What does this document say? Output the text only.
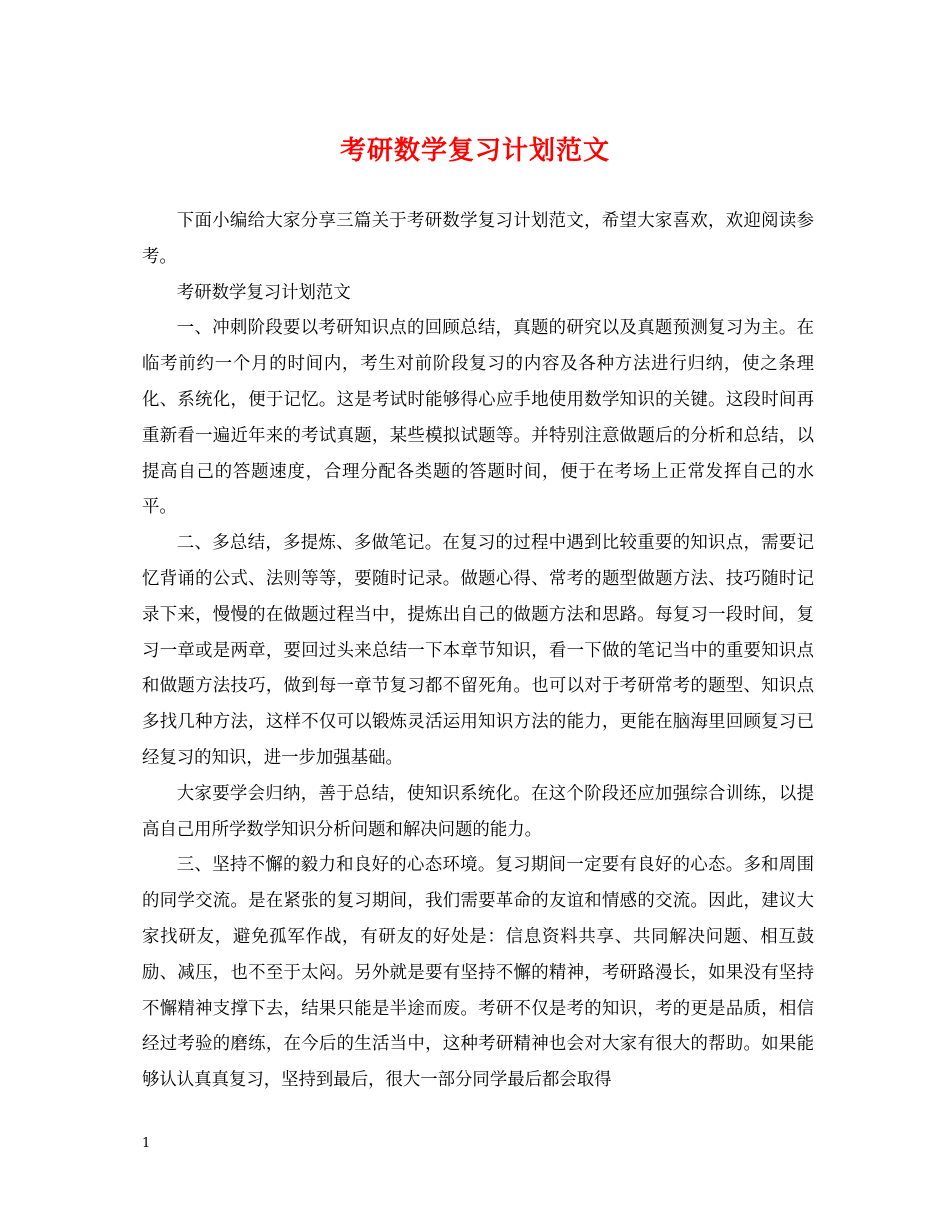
考研数学复习计划范文

下面小编给大家分享三篇关于考研数学复习计划范文，希望大家喜欢，欢迎阅读参考。

考研数学复习计划范文

一、冲刺阶段要以考研知识点的回顾总结，真题的研究以及真题预测复习为主。在临考前约一个月的时间内，考生对前阶段复习的内容及各种方法进行归纳，使之条理化、系统化，便于记忆。这是考试时能够得心应手地使用数学知识的关键。这段时间再重新看一遍近年来的考试真题，某些模拟试题等。并特别注意做题后的分析和总结，以提高自己的答题速度，合理分配各类题的答题时间，便于在考场上正常发挥自己的水平。

二、多总结，多提炼、多做笔记。在复习的过程中遇到比较重要的知识点，需要记忆背诵的公式、法则等等，要随时记录。做题心得、常考的题型做题方法、技巧随时记录下来，慢慢的在做题过程当中，提炼出自己的做题方法和思路。每复习一段时间，复习一章或是两章，要回过头来总结一下本章节知识，看一下做的笔记当中的重要知识点和做题方法技巧，做到每一章节复习都不留死角。也可以对于考研常考的题型、知识点多找几种方法，这样不仅可以锻炼灵活运用知识方法的能力，更能在脑海里回顾复习已经复习的知识，进一步加强基础。

大家要学会归纳，善于总结，使知识系统化。在这个阶段还应加强综合训练，以提高自己用所学数学知识分析问题和解决问题的能力。

三、坚持不懈的毅力和良好的心态环境。复习期间一定要有良好的心态。多和周围的同学交流。是在紧张的复习期间，我们需要革命的友谊和情感的交流。因此，建议大家找研友，避免孤军作战，有研友的好处是：信息资料共享、共同解决问题、相互鼓励、减压，也不至于太闷。另外就是要有坚持不懈的精神，考研路漫长，如果没有坚持不懈精神支撑下去，结果只能是半途而废。考研不仅是考的知识，考的更是品质，相信经过考验的磨练，在今后的生活当中，这种考研精神也会对大家有很大的帮助。如果能够认认真真复习，坚持到最后，很大一部分同学最后都会取得

1
